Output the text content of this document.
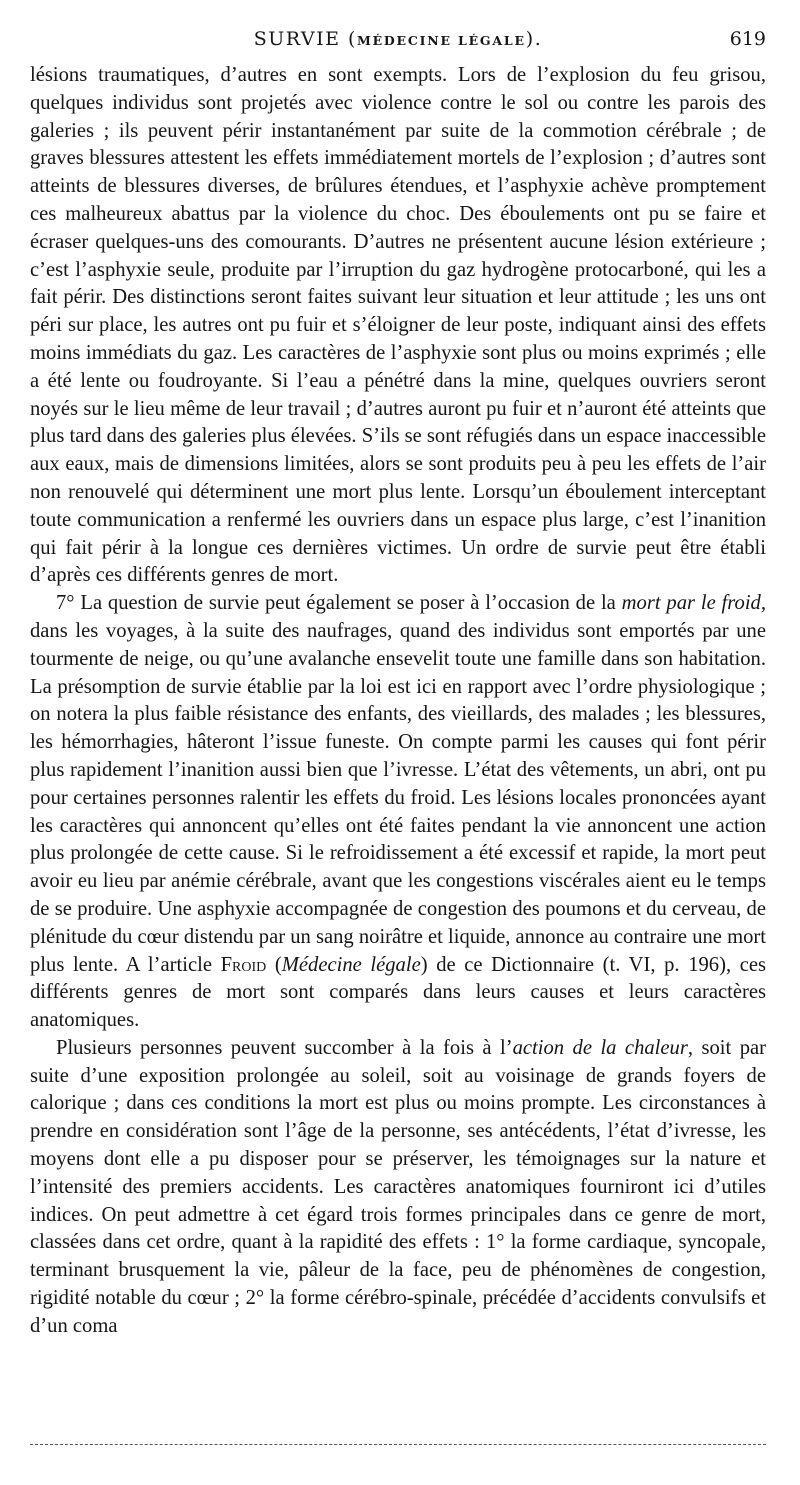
SURVIE (MÉDECINE LÉGALE).	619

lésions traumatiques, d’autres en sont exempts. Lors de l’explosion du feu grisou, quelques individus sont projetés avec violence contre le sol ou contre les parois des galeries ; ils peuvent périr instantanément par suite de la commotion cérébrale ; de graves blessures attestent les effets immédiatement mortels de l’explosion ; d’autres sont atteints de blessures diverses, de brûlures étendues, et l’asphyxie achève promptement ces malheureux abattus par la violence du choc. Des éboulements ont pu se faire et écraser quelques-uns des comourants. D’autres ne présentent aucune lésion extérieure ; c’est l’asphyxie seule, produite par l’irruption du gaz hydrogène protocarboné, qui les a fait périr. Des distinctions seront faites suivant leur situation et leur attitude ; les uns ont péri sur place, les autres ont pu fuir et s’éloigner de leur poste, indiquant ainsi des effets moins immédiats du gaz. Les caractères de l’asphyxie sont plus ou moins exprimés ; elle a été lente ou foudroyante. Si l’eau a pénétré dans la mine, quelques ouvriers seront noyés sur le lieu même de leur travail ; d’autres auront pu fuir et n’auront été atteints que plus tard dans des galeries plus élevées. S’ils se sont réfugiés dans un espace inaccessible aux eaux, mais de dimensions limitées, alors se sont produits peu à peu les effets de l’air non renouvelé qui déterminent une mort plus lente. Lorsqu’un éboulement interceptant toute communication a renfermé les ouvriers dans un espace plus large, c’est l’inanition qui fait périr à la longue ces dernières victimes. Un ordre de survie peut être établi d’après ces différents genres de mort.

7° La question de survie peut également se poser à l’occasion de la mort par le froid, dans les voyages, à la suite des naufrages, quand des individus sont emportés par une tourmente de neige, ou qu’une avalanche ensevelit toute une famille dans son habitation. La présomption de survie établie par la loi est ici en rapport avec l’ordre physiologique ; on notera la plus faible résistance des enfants, des vieillards, des malades ; les blessures, les hémorrhagies, hâteront l’issue funeste. On compte parmi les causes qui font périr plus rapidement l’inanition aussi bien que l’ivresse. L’état des vêtements, un abri, ont pu pour certaines personnes ralentir les effets du froid. Les lésions locales prononcées ayant les caractères qui annoncent qu’elles ont été faites pendant la vie annoncent une action plus prolongée de cette cause. Si le refroidissement a été excessif et rapide, la mort peut avoir eu lieu par anémie cérébrale, avant que les congestions viscérales aient eu le temps de se produire. Une asphyxie accompagnée de congestion des poumons et du cerveau, de plénitude du cœur distendu par un sang noirâtre et liquide, annonce au contraire une mort plus lente. A l’article Froid (Médecine légale) de ce Dictionnaire (t. VI, p. 196), ces différents genres de mort sont comparés dans leurs causes et leurs caractères anatomiques.

Plusieurs personnes peuvent succomber à la fois à l’action de la chaleur, soit par suite d’une exposition prolongée au soleil, soit au voisinage de grands foyers de calorique ; dans ces conditions la mort est plus ou moins prompte. Les circonstances à prendre en considération sont l’âge de la personne, ses antécédents, l’état d’ivresse, les moyens dont elle a pu disposer pour se préserver, les témoignages sur la nature et l’intensité des premiers accidents. Les caractères anatomiques fourniront ici d’utiles indices. On peut admettre à cet égard trois formes principales dans ce genre de mort, classées dans cet ordre, quant à la rapidité des effets : 1° la forme cardiaque, syncopale, terminant brusquement la vie, pâleur de la face, peu de phénomènes de congestion, rigidité notable du cœur ; 2° la forme cérébro-spinale, précédée d’accidents convulsifs et d’un coma
